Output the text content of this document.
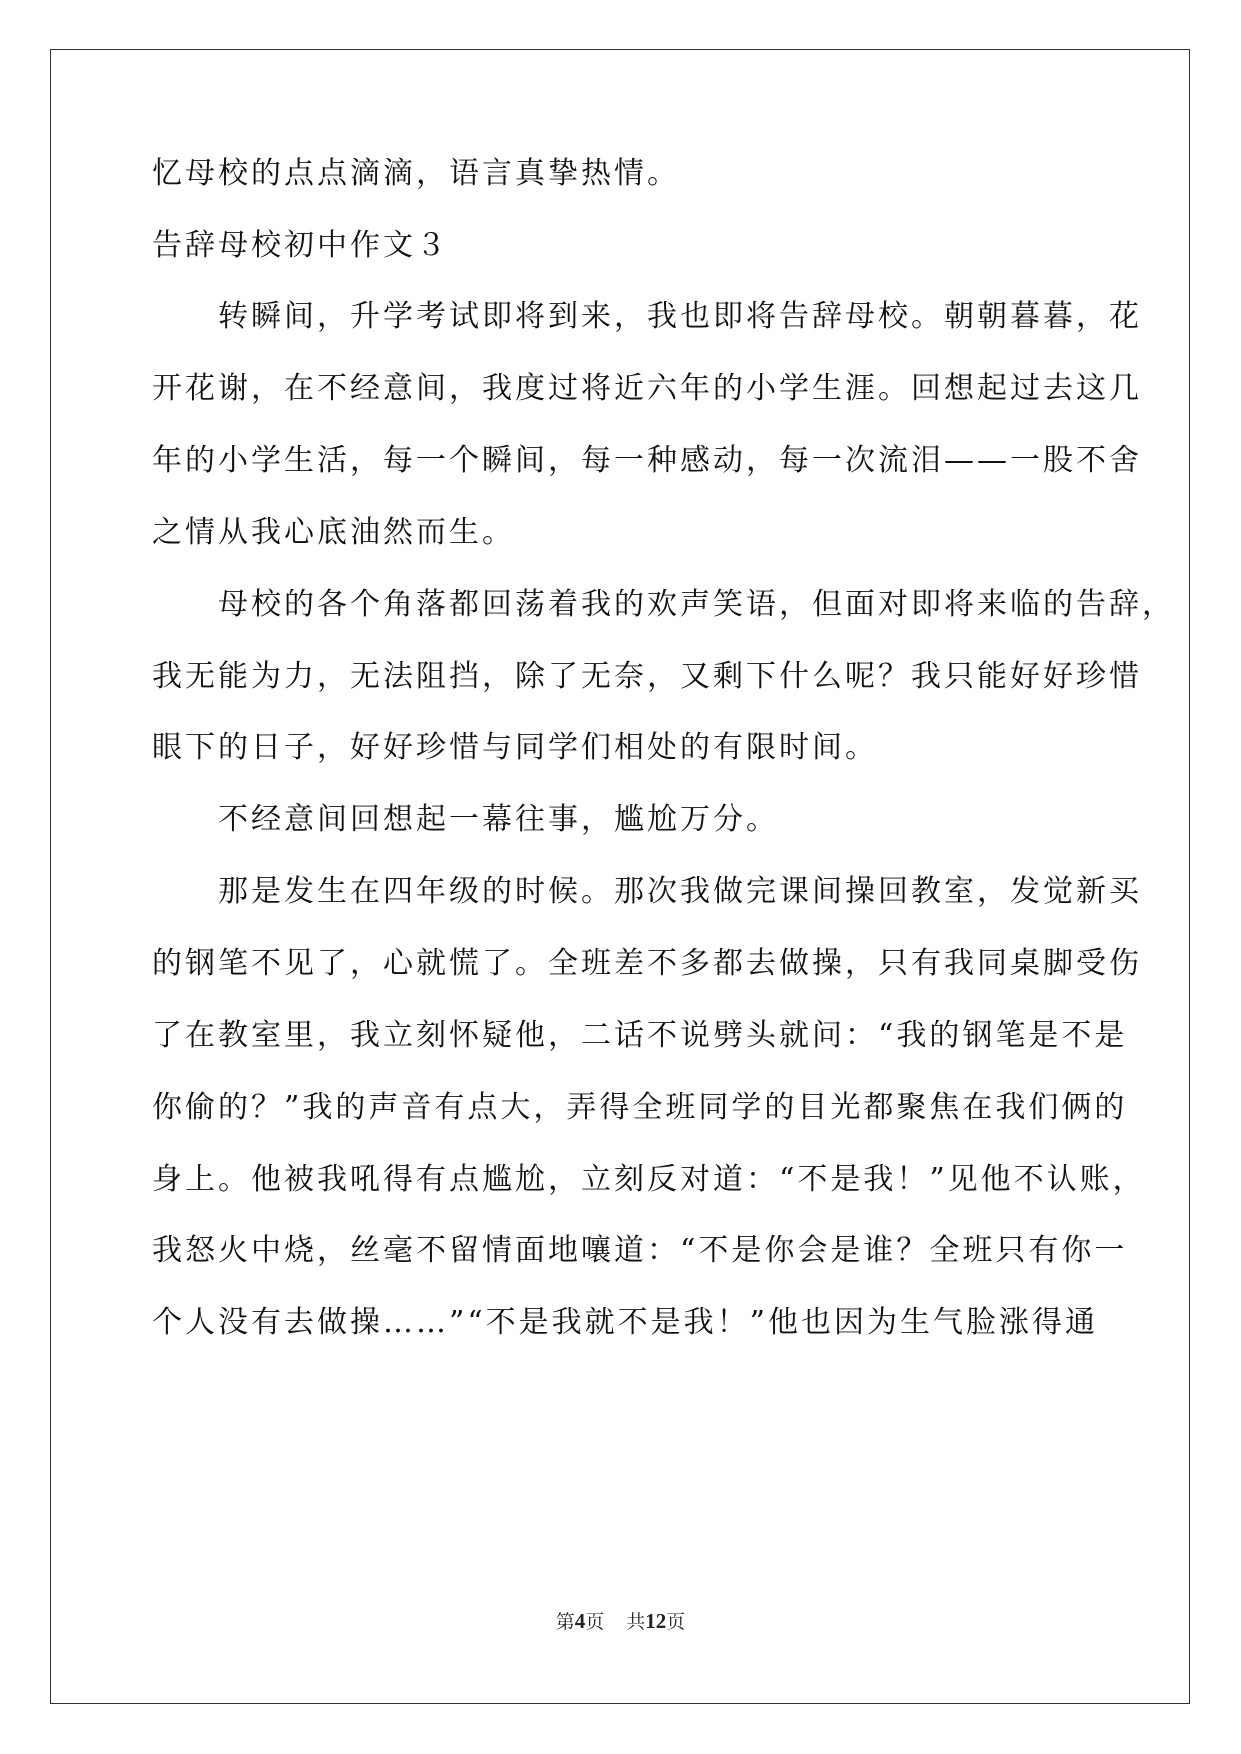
忆母校的点点滴滴，语言真挚热情。
告辞母校初中作文３
　　转瞬间，升学考试即将到来，我也即将告辞母校。朝朝暮暮，花
开花谢，在不经意间，我度过将近六年的小学生涯。回想起过去这几
年的小学生活，每一个瞬间，每一种感动，每一次流泪——一股不舍
之情从我心底油然而生。
　　母校的各个角落都回荡着我的欢声笑语，但面对即将来临的告辞，
我无能为力，无法阻挡，除了无奈，又剩下什么呢？我只能好好珍惜
眼下的日子，好好珍惜与同学们相处的有限时间。
　　不经意间回想起一幕往事，尴尬万分。
　　那是发生在四年级的时候。那次我做完课间操回教室，发觉新买
的钢笔不见了，心就慌了。全班差不多都去做操，只有我同桌脚受伤
了在教室里，我立刻怀疑他，二话不说劈头就问：“我的钢笔是不是
你偷的？”我的声音有点大，弄得全班同学的目光都聚焦在我们俩的
身上。他被我吼得有点尴尬，立刻反对道：“不是我！”见他不认账，
我怒火中烧，丝毫不留情面地嚷道：“不是你会是谁？全班只有你一
个人没有去做操……”“不是我就不是我！”他也因为生气脸涨得通
第4页 共12页
